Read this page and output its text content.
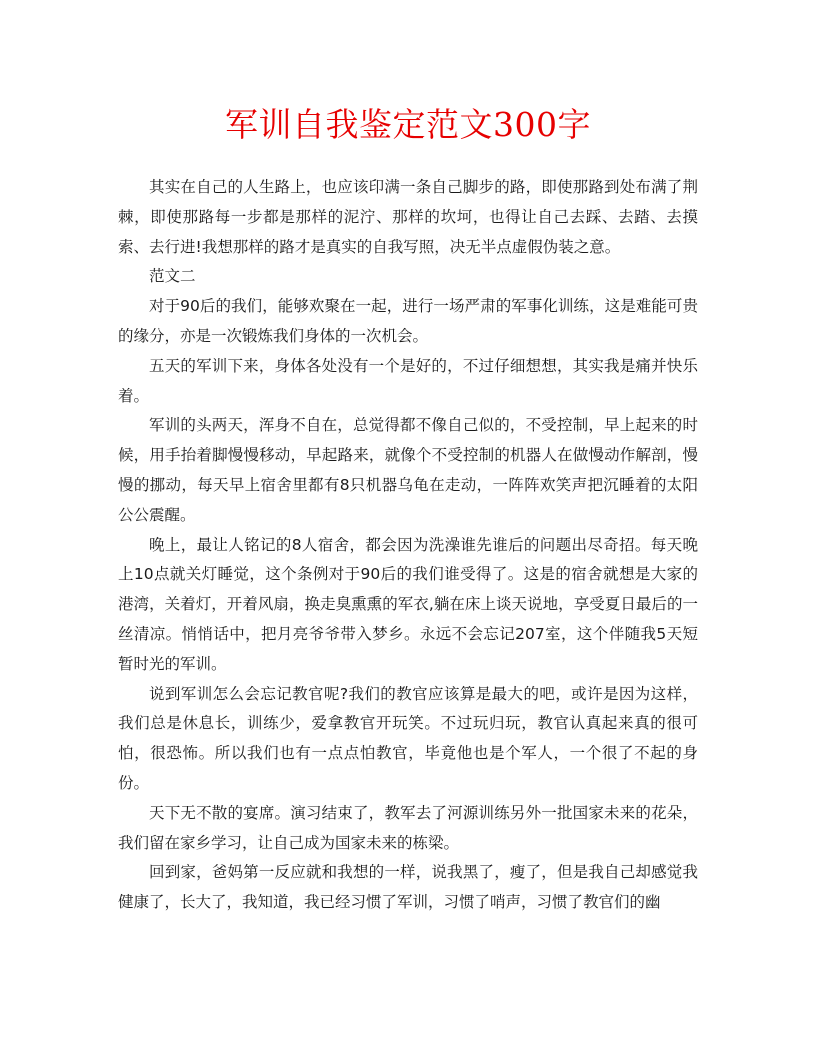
军训自我鉴定范文300字

其实在自己的人生路上，也应该印满一条自己脚步的路，即使那路到处布满了荆棘，即使那路每一步都是那样的泥泞、那样的坎坷，也得让自己去踩、去踏、去摸索、去行进!我想那样的路才是真实的自我写照，决无半点虚假伪装之意。

范文二

对于90后的我们，能够欢聚在一起，进行一场严肃的军事化训练，这是难能可贵的缘分，亦是一次锻炼我们身体的一次机会。

五天的军训下来，身体各处没有一个是好的，不过仔细想想，其实我是痛并快乐着。

军训的头两天，浑身不自在，总觉得都不像自己似的，不受控制，早上起来的时候，用手抬着脚慢慢移动，早起路来，就像个不受控制的机器人在做慢动作解剖，慢慢的挪动，每天早上宿舍里都有8只机器乌龟在走动，一阵阵欢笑声把沉睡着的太阳公公震醒。

晚上，最让人铭记的8人宿舍，都会因为洗澡谁先谁后的问题出尽奇招。每天晚上10点就关灯睡觉，这个条例对于90后的我们谁受得了。这是的宿舍就想是大家的港湾，关着灯，开着风扇，换走臭熏熏的军衣,躺在床上谈天说地，享受夏日最后的一丝清凉。悄悄话中，把月亮爷爷带入梦乡。永远不会忘记207室，这个伴随我5天短暂时光的军训。

说到军训怎么会忘记教官呢?我们的教官应该算是最大的吧，或许是因为这样，我们总是休息长，训练少，爱拿教官开玩笑。不过玩归玩，教官认真起来真的很可怕，很恐怖。所以我们也有一点点怕教官，毕竟他也是个军人，一个很了不起的身份。

天下无不散的宴席。演习结束了，教军去了河源训练另外一批国家未来的花朵，我们留在家乡学习，让自己成为国家未来的栋梁。

回到家，爸妈第一反应就和我想的一样，说我黑了，瘦了，但是我自己却感觉我健康了，长大了，我知道，我已经习惯了军训，习惯了哨声，习惯了教官们的幽
